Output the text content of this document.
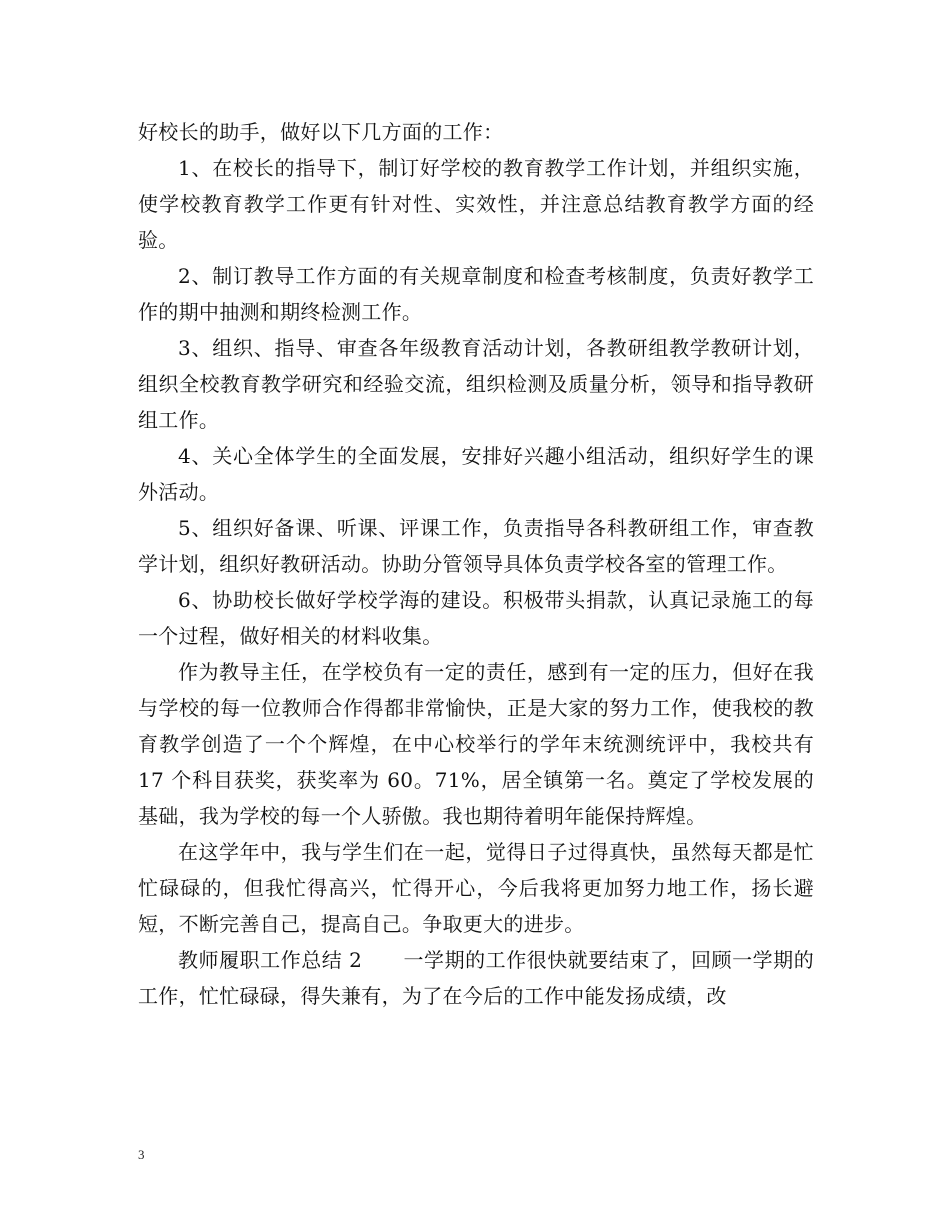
好校长的助手，做好以下几方面的工作：

1、在校长的指导下，制订好学校的教育教学工作计划，并组织实施，使学校教育教学工作更有针对性、实效性，并注意总结教育教学方面的经验。

2、制订教导工作方面的有关规章制度和检查考核制度，负责好教学工作的期中抽测和期终检测工作。

3、组织、指导、审查各年级教育活动计划，各教研组教学教研计划，组织全校教育教学研究和经验交流，组织检测及质量分析，领导和指导教研组工作。

4、关心全体学生的全面发展，安排好兴趣小组活动，组织好学生的课外活动。

5、组织好备课、听课、评课工作，负责指导各科教研组工作，审查教学计划，组织好教研活动。协助分管领导具体负责学校各室的管理工作。

6、协助校长做好学校学海的建设。积极带头捐款，认真记录施工的每一个过程，做好相关的材料收集。

作为教导主任，在学校负有一定的责任，感到有一定的压力，但好在我与学校的每一位教师合作得都非常愉快，正是大家的努力工作，使我校的教育教学创造了一个个辉煌，在中心校举行的学年末统测统评中，我校共有 17 个科目获奖，获奖率为 60。71%，居全镇第一名。奠定了学校发展的基础，我为学校的每一个人骄傲。我也期待着明年能保持辉煌。

在这学年中，我与学生们在一起，觉得日子过得真快，虽然每天都是忙忙碌碌的，但我忙得高兴，忙得开心，今后我将更加努力地工作，扬长避短，不断完善自己，提高自己。争取更大的进步。

教师履职工作总结 2　　一学期的工作很快就要结束了，回顾一学期的工作，忙忙碌碌，得失兼有，为了在今后的工作中能发扬成绩，改

3
